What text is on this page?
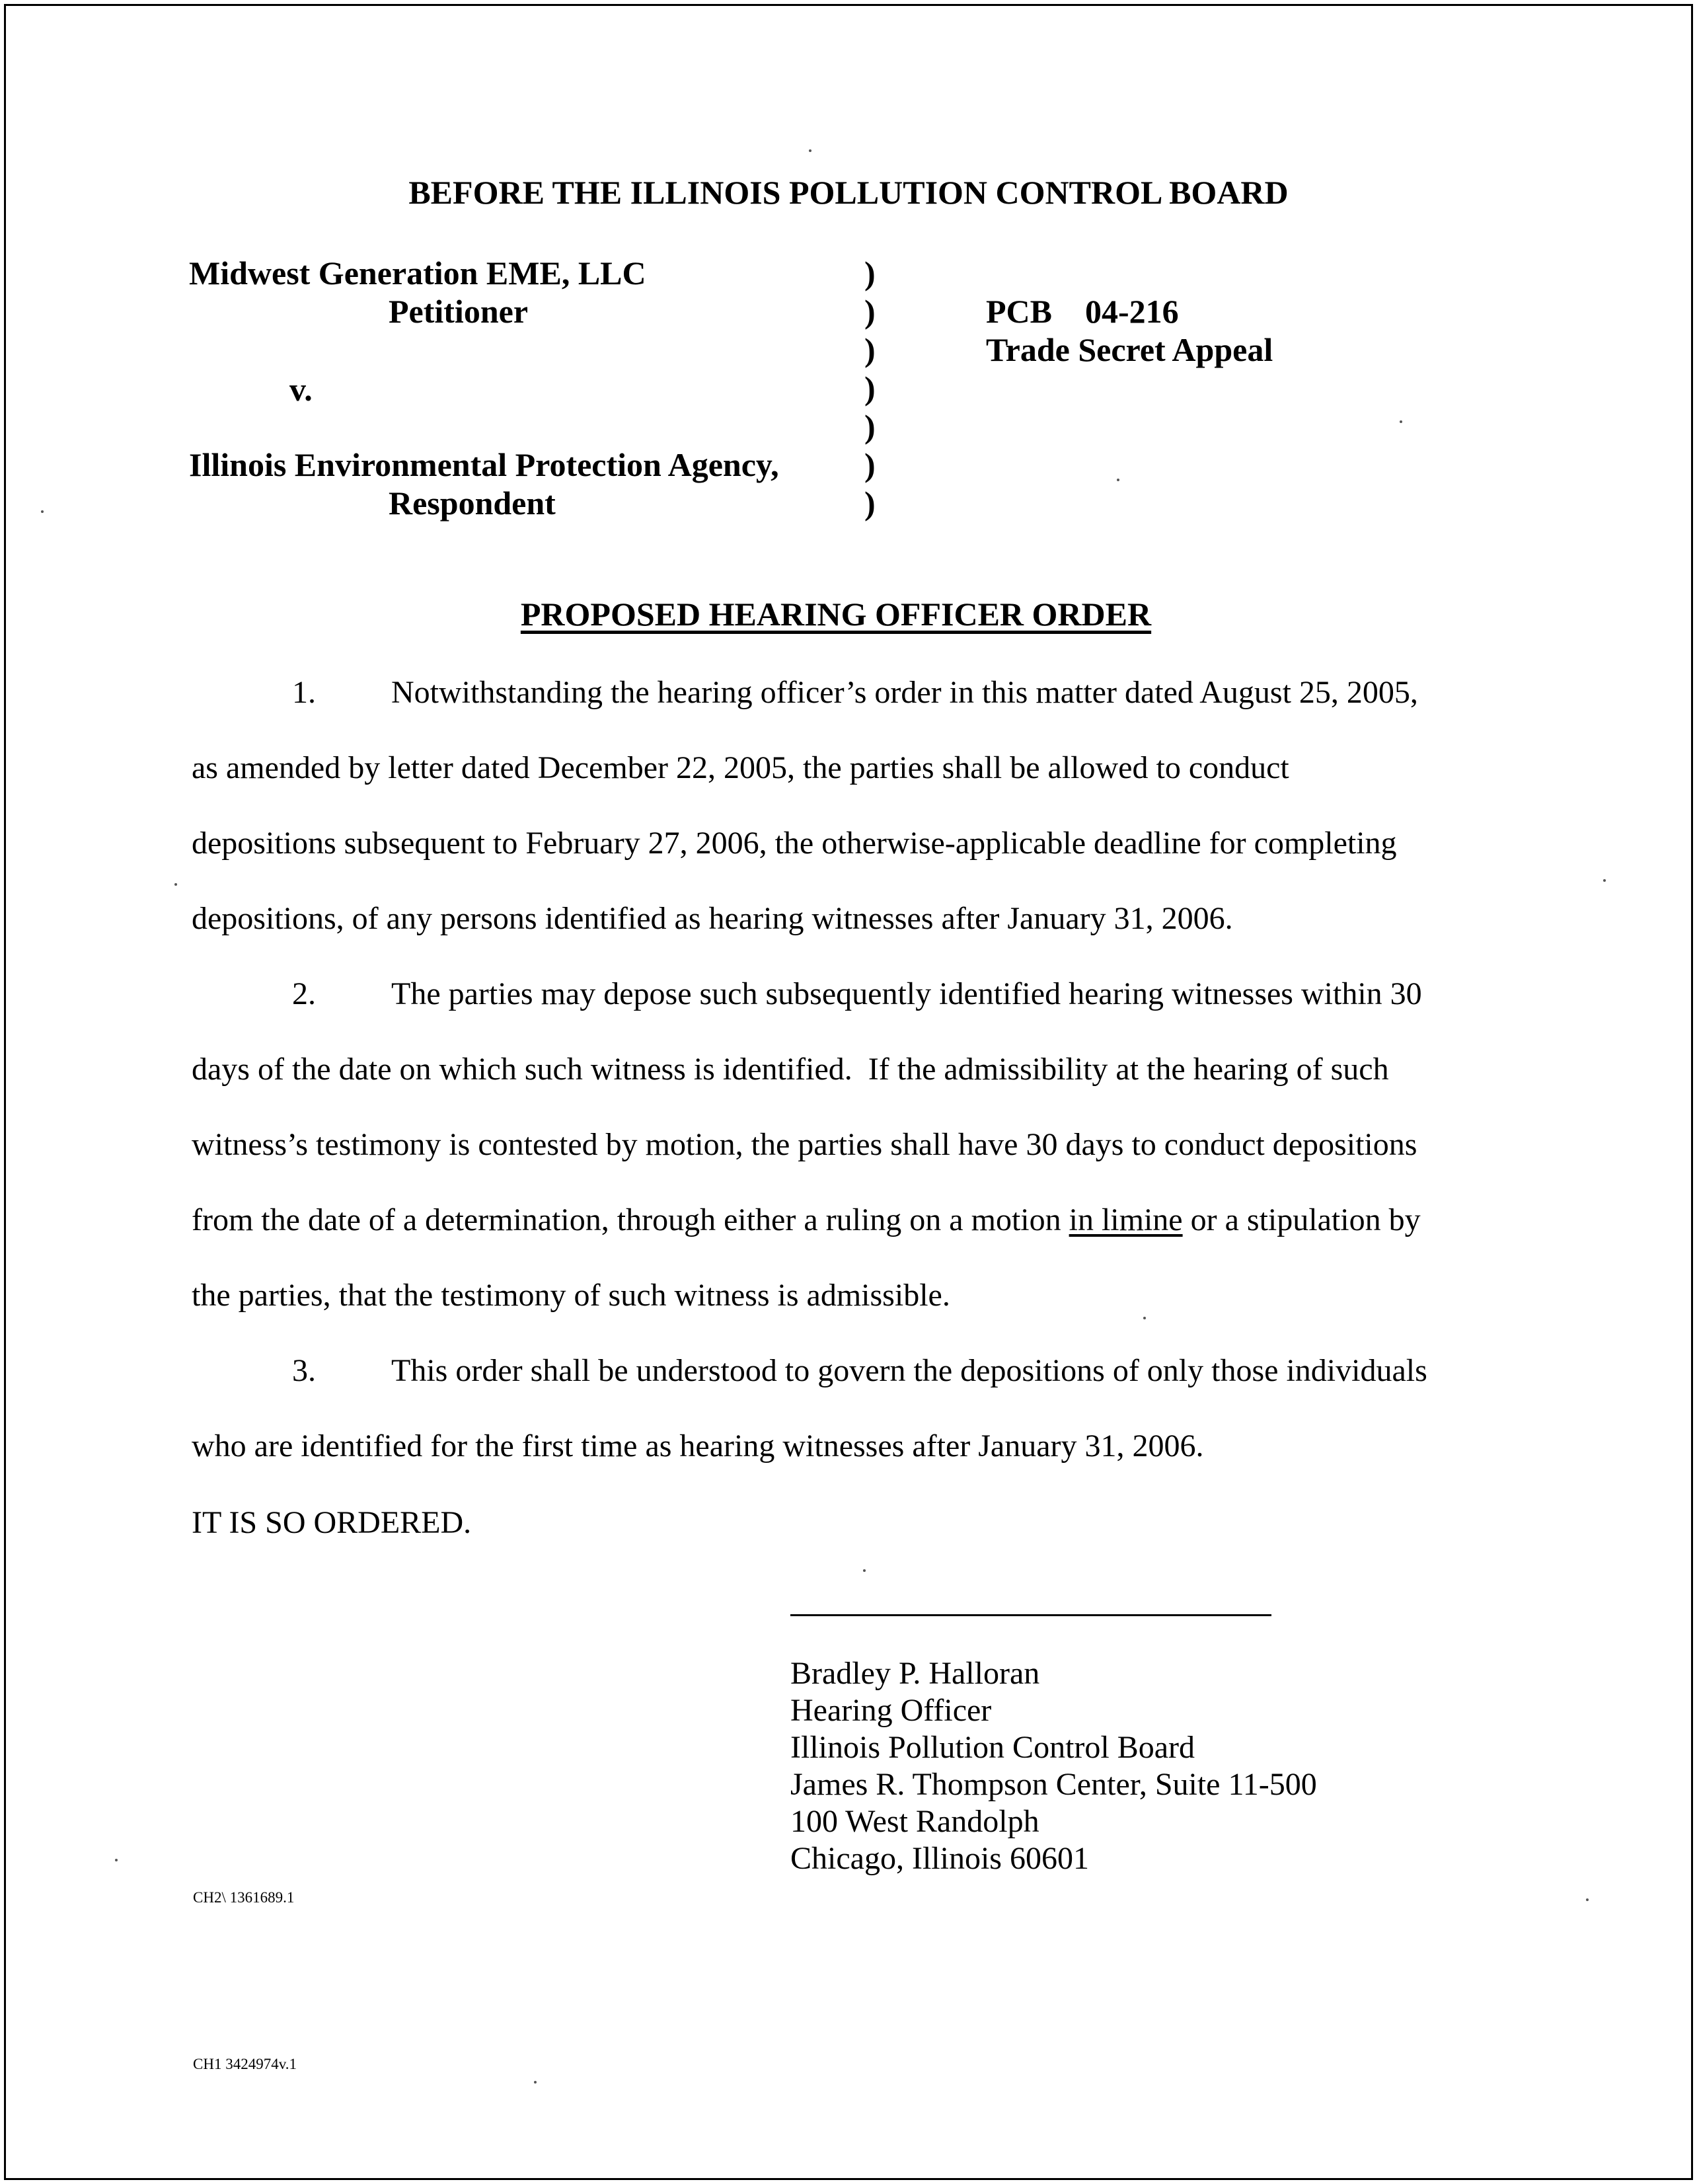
BEFORE THE ILLINOIS POLLUTION CONTROL BOARD
Midwest Generation EME, LLC
Petitioner
v.
Illinois Environmental Protection Agency,
Respondent
)
)
)
)
)
)
)
PCB    04-216
Trade Secret Appeal
PROPOSED HEARING OFFICER ORDER
1. Notwithstanding the hearing officer’s order in this matter dated August 25, 2005,
as amended by letter dated December 22, 2005, the parties shall be allowed to conduct
depositions subsequent to February 27, 2006, the otherwise-applicable deadline for completing
depositions, of any persons identified as hearing witnesses after January 31, 2006.
2. The parties may depose such subsequently identified hearing witnesses within 30
days of the date on which such witness is identified.  If the admissibility at the hearing of such
witness’s testimony is contested by motion, the parties shall have 30 days to conduct depositions
from the date of a determination, through either a ruling on a motion in limine or a stipulation by
the parties, that the testimony of such witness is admissible.
3. This order shall be understood to govern the depositions of only those individuals
who are identified for the first time as hearing witnesses after January 31, 2006.
IT IS SO ORDERED.
Bradley P. Halloran
Hearing Officer
Illinois Pollution Control Board
James R. Thompson Center, Suite 11-500
100 West Randolph
Chicago, Illinois 60601
CH2\ 1361689.1
CH1 3424974v.1
